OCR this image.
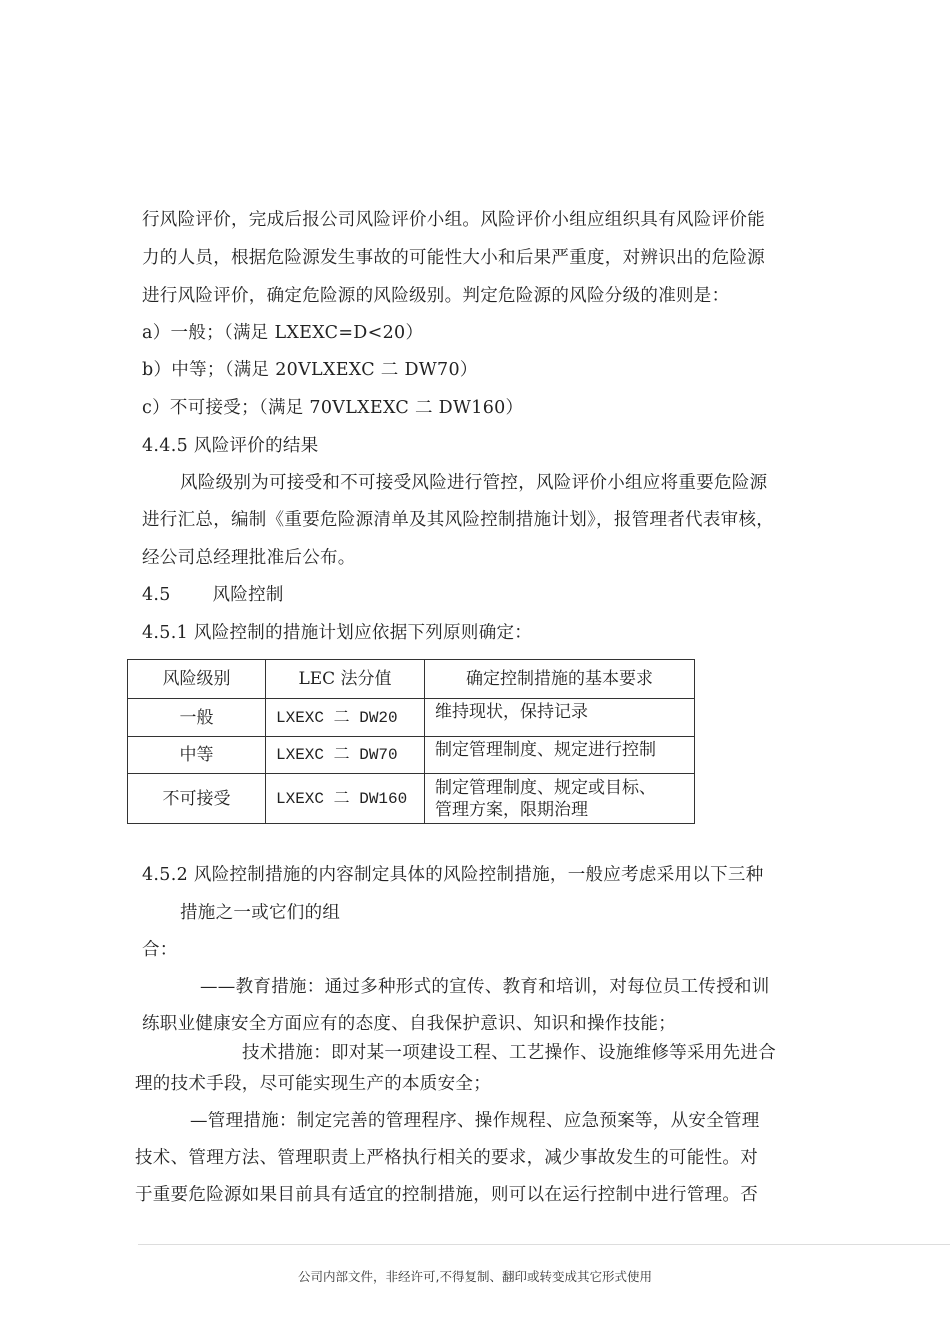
行风险评价，完成后报公司风险评价小组。风险评价小组应组织具有风险评价能
力的人员，根据危险源发生事故的可能性大小和后果严重度，对辨识出的危险源
进行风险评价，确定危险源的风险级别。判定危险源的风险分级的准则是：
a）一般；（满足 LXEXC=D<20）
b）中等；（满足 20VLXEXC 二 DW70）
c）不可接受；（满足 70VLXEXC 二 DW160）
4.4.5 风险评价的结果
风险级别为可接受和不可接受风险进行管控，风险评价小组应将重要危险源
进行汇总，编制《重要危险源清单及其风险控制措施计划》，报管理者代表审核，
经公司总经理批准后公布。
4.5 风险控制
4.5.1 风险控制的措施计划应依据下列原则确定：
风险级别	LEC 法分值	确定控制措施的基本要求
一般	LXEXC 二 DW20	维持现状，保持记录
中等	LXEXC 二 DW70	制定管理制度、规定进行控制
不可接受	LXEXC 二 DW160	制定管理制度、规定或目标、
管理方案，限期治理
4.5.2 风险控制措施的内容制定具体的风险控制措施，一般应考虑采用以下三种
措施之一或它们的组
合：
——教育措施：通过多种形式的宣传、教育和培训，对每位员工传授和训
练职业健康安全方面应有的态度、自我保护意识、知识和操作技能；
技术措施：即对某一项建设工程、工艺操作、设施维修等采用先进合
理的技术手段，尽可能实现生产的本质安全；
—管理措施：制定完善的管理程序、操作规程、应急预案等，从安全管理
技术、管理方法、管理职责上严格执行相关的要求，减少事故发生的可能性。对
于重要危险源如果目前具有适宜的控制措施，则可以在运行控制中进行管理。否
公司内部文件，非经许可,不得复制、翻印或转变成其它形式使用
